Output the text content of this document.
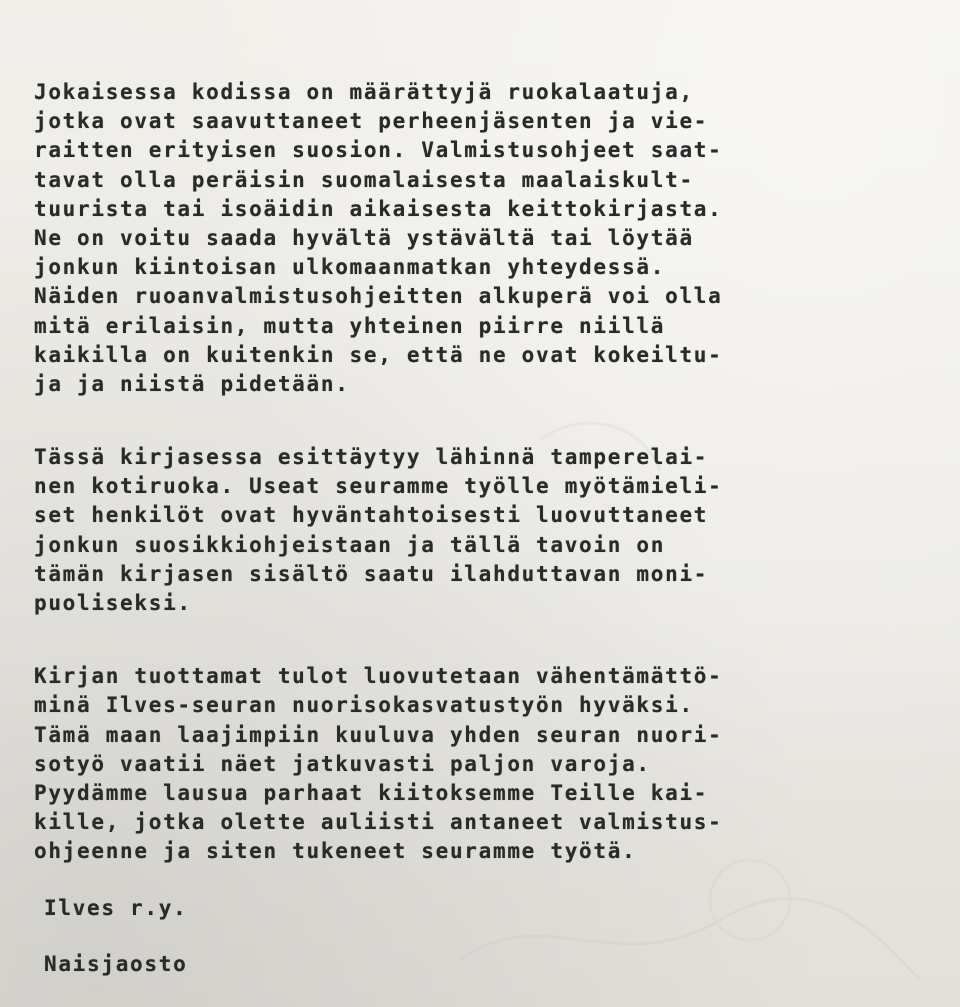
Jokaisessa kodissa on määrättyjä ruokalaatuja,
jotka ovat saavuttaneet perheenjäsenten ja vie-
raitten erityisen suosion. Valmistusohjeet saat-
tavat olla peräisin suomalaisesta maalaiskult-
tuurista tai isoäidin aikaisesta keittokirjasta.
Ne on voitu saada hyvältä ystävältä tai löytää
jonkun kiintoisan ulkomaanmatkan yhteydessä.
Näiden ruoanvalmistusohjeitten alkuperä voi olla
mitä erilaisin, mutta yhteinen piirre niillä
kaikilla on kuitenkin se, että ne ovat kokeiltu-
ja ja niistä pidetään.
Tässä kirjasessa esittäytyy lähinnä tamperelai-
nen kotiruoka. Useat seuramme työlle myötämieli-
set henkilöt ovat hyväntahtoisesti luovuttaneet
jonkun suosikkiohjeistaan ja tällä tavoin on
tämän kirjasen sisältö saatu ilahduttavan moni-
puoliseksi.
Kirjan tuottamat tulot luovutetaan vähentämättö-
minä Ilves-seuran nuorisokasvatustyön hyväksi.
Tämä maan laajimpiin kuuluva yhden seuran nuori-
sotyö vaatii näet jatkuvasti paljon varoja.
Pyydämme lausua parhaat kiitoksemme Teille kai-
kille, jotka olette auliisti antaneet valmistus-
ohjeenne ja siten tukeneet seuramme työtä.
Ilves r.y.
Naisjaosto
